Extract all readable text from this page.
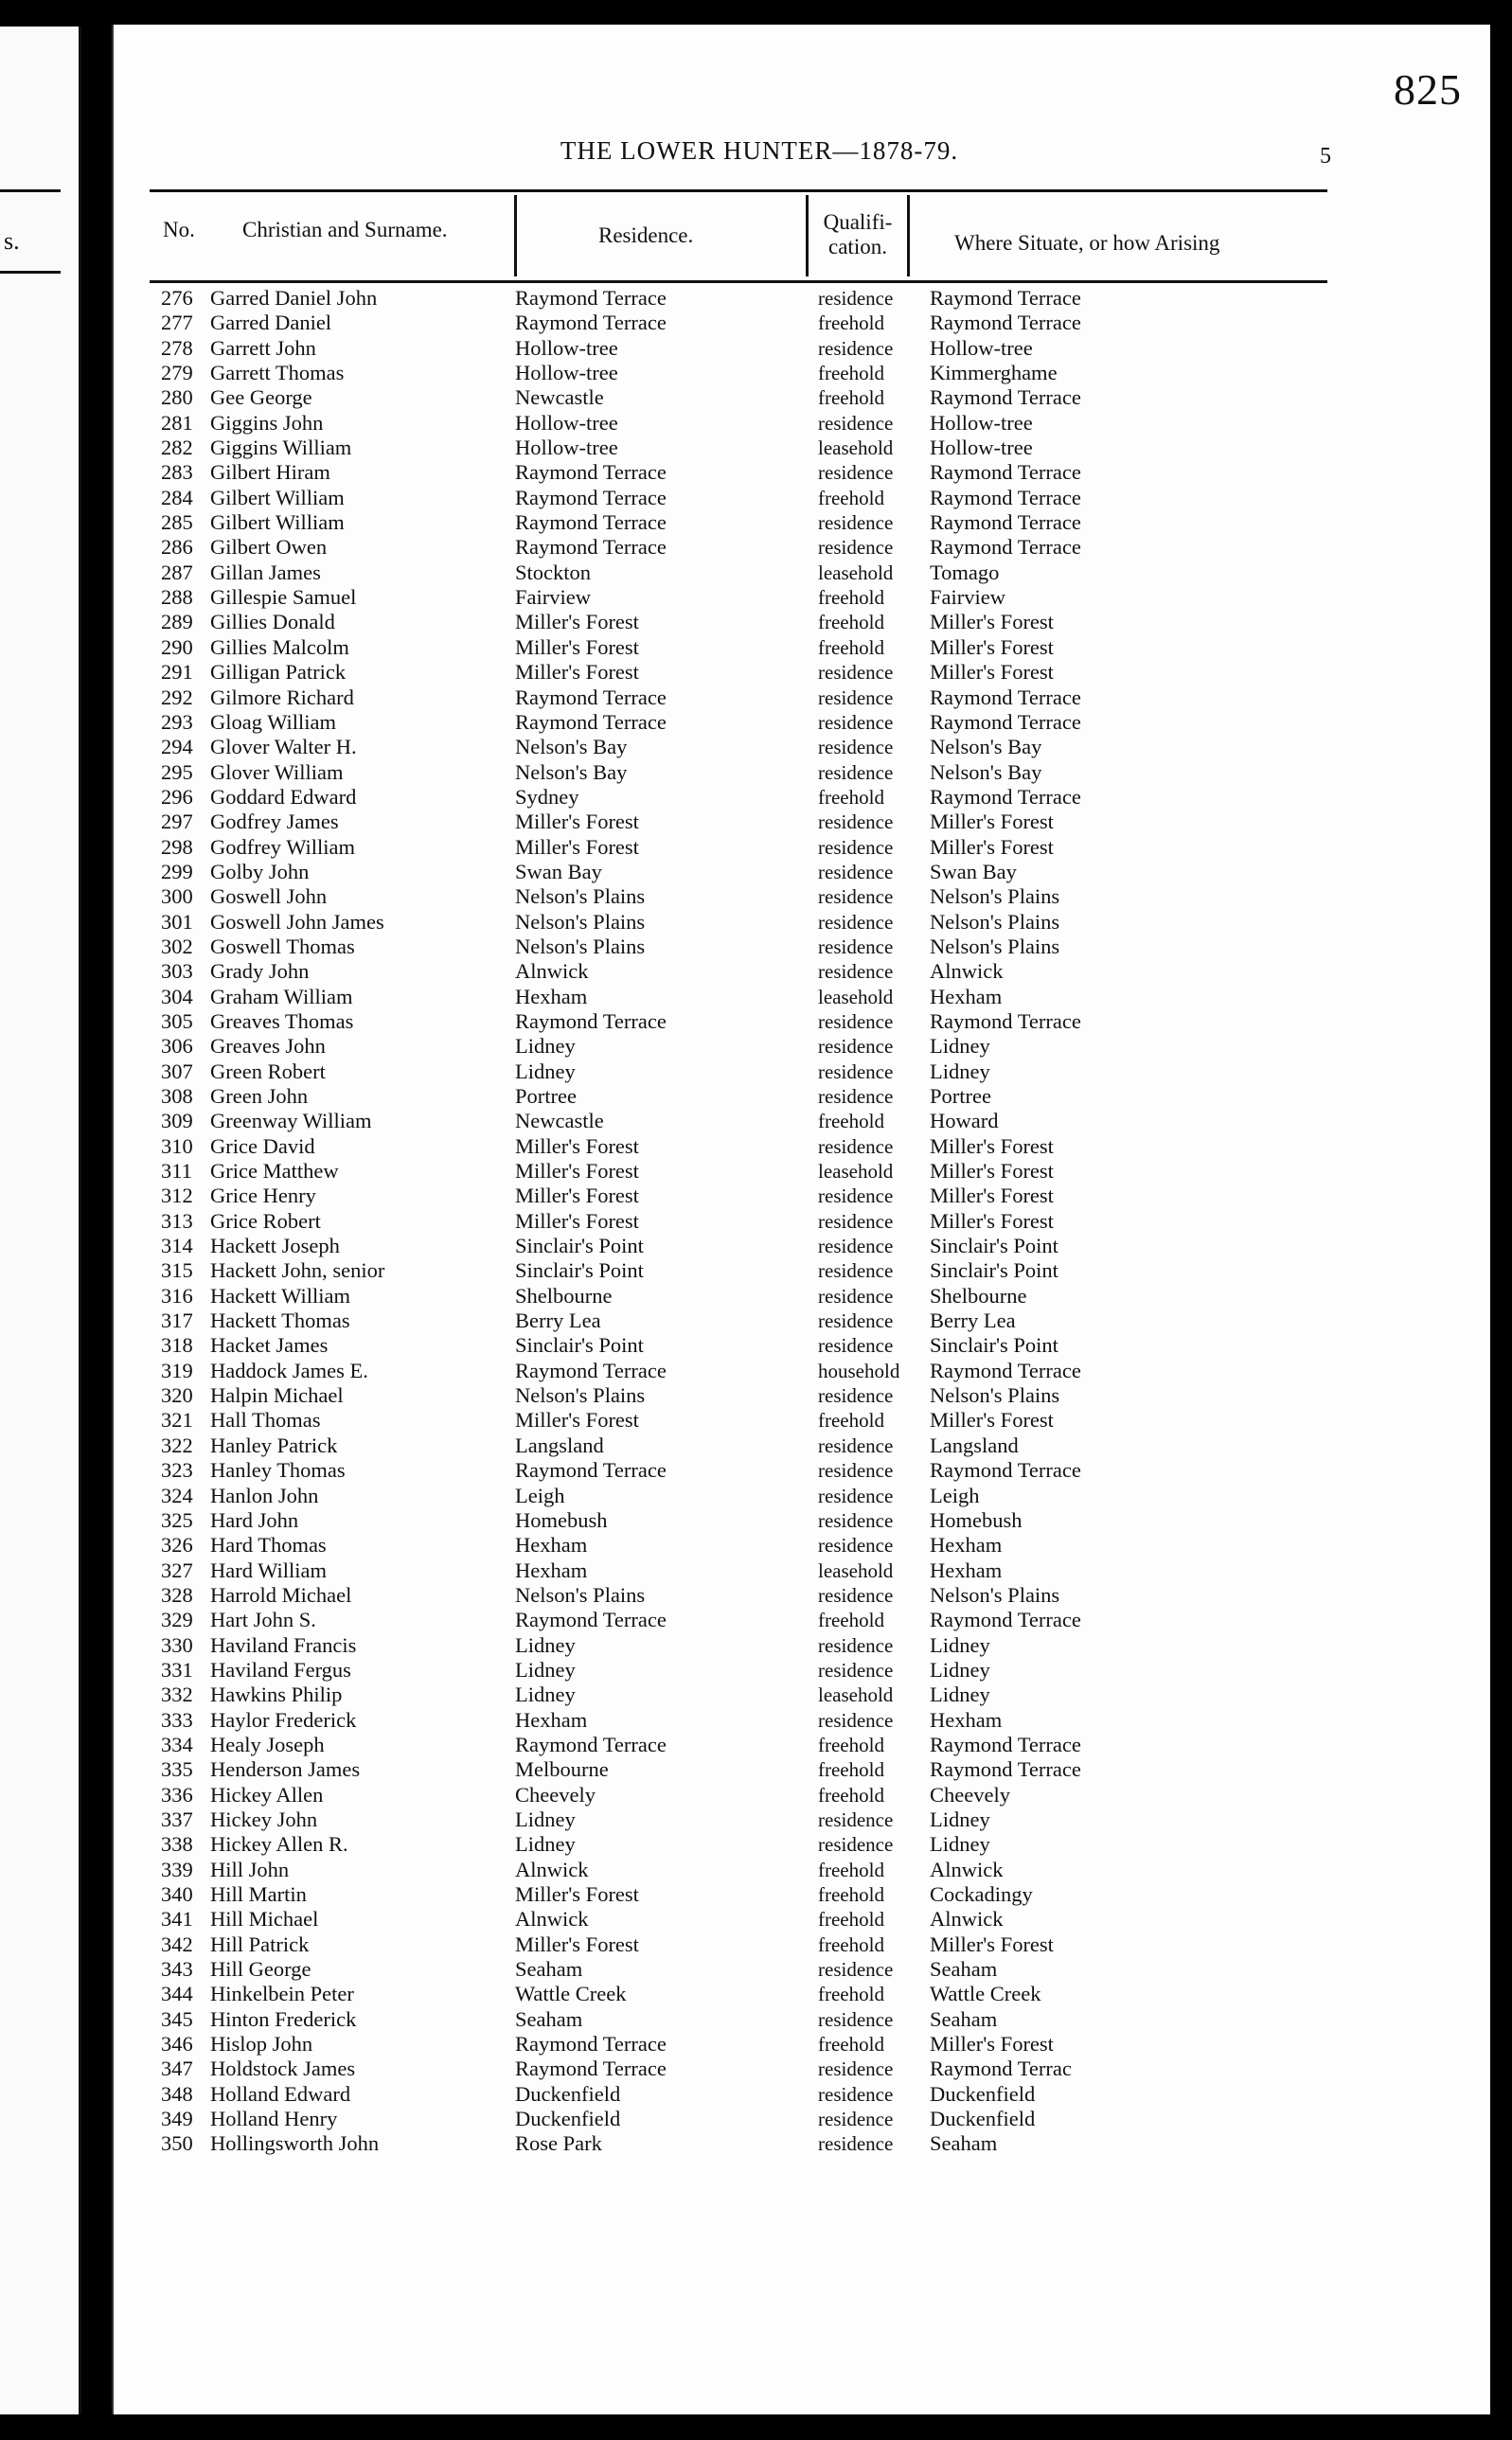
s.
825
THE LOWER HUNTER—1878-79.	5
No. Christian and Surname.	Residence.
Qualifi-
cation.	Where Situate, or how Arising
276 Garred Daniel John	Raymond Terrace	residence Raymond Terrace
277 Garred Daniel	Raymond Terrace	freehold Raymond Terrace
278 Garrett John	Hollow-tree	residence Hollow-tree
279 Garrett Thomas	Hollow-tree	freehold Kimmerghame
280 Gee George	Newcastle	freehold Raymond Terrace
281 Giggins John	Hollow-tree	residence Hollow-tree
282 Giggins William	Hollow-tree	leasehold Hollow-tree
283 Gilbert Hiram	Raymond Terrace	residence Raymond Terrace
284 Gilbert William	Raymond Terrace	freehold Raymond Terrace
285 Gilbert William	Raymond Terrace	residence Raymond Terrace
286 Gilbert Owen	Raymond Terrace	residence Raymond Terrace
287 Gillan James	Stockton	leasehold Tomago
288 Gillespie Samuel	Fairview	freehold Fairview
289 Gillies Donald	Miller's Forest	freehold Miller's Forest
290 Gillies Malcolm	Miller's Forest	freehold Miller's Forest
291 Gilligan Patrick	Miller's Forest	residence Miller's Forest
292 Gilmore Richard	Raymond Terrace	residence Raymond Terrace
293 Gloag William	Raymond Terrace	residence Raymond Terrace
294 Glover Walter H.	Nelson's Bay	residence Nelson's Bay
295 Glover William	Nelson's Bay	residence Nelson's Bay
296 Goddard Edward	Sydney	freehold Raymond Terrace
297 Godfrey James	Miller's Forest	residence Miller's Forest
298 Godfrey William	Miller's Forest	residence Miller's Forest
299 Golby John	Swan Bay	residence Swan Bay
300 Goswell John	Nelson's Plains	residence Nelson's Plains
301 Goswell John James	Nelson's Plains	residence Nelson's Plains
302 Goswell Thomas	Nelson's Plains	residence Nelson's Plains
303 Grady John	Alnwick	residence Alnwick
304 Graham William	Hexham	leasehold Hexham
305 Greaves Thomas	Raymond Terrace	residence Raymond Terrace
306 Greaves John	Lidney	residence Lidney
307 Green Robert	Lidney	residence Lidney
308 Green John	Portree	residence Portree
309 Greenway William	Newcastle	freehold Howard
310 Grice David	Miller's Forest	residence Miller's Forest
311 Grice Matthew	Miller's Forest	leasehold Miller's Forest
312 Grice Henry	Miller's Forest	residence Miller's Forest
313 Grice Robert	Miller's Forest	residence Miller's Forest
314 Hackett Joseph	Sinclair's Point	residence Sinclair's Point
315 Hackett John, senior	Sinclair's Point	residence Sinclair's Point
316 Hackett William	Shelbourne	residence Shelbourne
317 Hackett Thomas	Berry Lea	residence Berry Lea
318 Hacket James	Sinclair's Point	residence Sinclair's Point
319 Haddock James E.	Raymond Terrace	household Raymond Terrace
320 Halpin Michael	Nelson's Plains	residence Nelson's Plains
321 Hall Thomas	Miller's Forest	freehold Miller's Forest
322 Hanley Patrick	Langsland	residence Langsland
323 Hanley Thomas	Raymond Terrace	residence Raymond Terrace
324 Hanlon John	Leigh	residence Leigh
325 Hard John	Homebush	residence Homebush
326 Hard Thomas	Hexham	residence Hexham
327 Hard William	Hexham	leasehold Hexham
328 Harrold Michael	Nelson's Plains	residence Nelson's Plains
329 Hart John S.	Raymond Terrace	freehold Raymond Terrace
330 Haviland Francis	Lidney	residence Lidney
331 Haviland Fergus	Lidney	residence Lidney
332 Hawkins Philip	Lidney	leasehold Lidney
333 Haylor Frederick	Hexham	residence Hexham
334 Healy Joseph	Raymond Terrace	freehold Raymond Terrace
335 Henderson James	Melbourne	freehold Raymond Terrace
336 Hickey Allen	Cheevely	freehold Cheevely
337 Hickey John	Lidney	residence Lidney
338 Hickey Allen R.	Lidney	residence Lidney
339 Hill John	Alnwick	freehold Alnwick
340 Hill Martin	Miller's Forest	freehold Cockadingy
341 Hill Michael	Alnwick	freehold Alnwick
342 Hill Patrick	Miller's Forest	freehold Miller's Forest
343 Hill George	Seaham	residence Seaham
344 Hinkelbein Peter	Wattle Creek	freehold Wattle Creek
345 Hinton Frederick	Seaham	residence Seaham
346 Hislop John	Raymond Terrace	freehold Miller's Forest
347 Holdstock James	Raymond Terrace	residence Raymond Terrac
348 Holland Edward	Duckenfield	residence Duckenfield
349 Holland Henry	Duckenfield	residence Duckenfield
350 Hollingsworth John	Rose Park	residence Seaham
